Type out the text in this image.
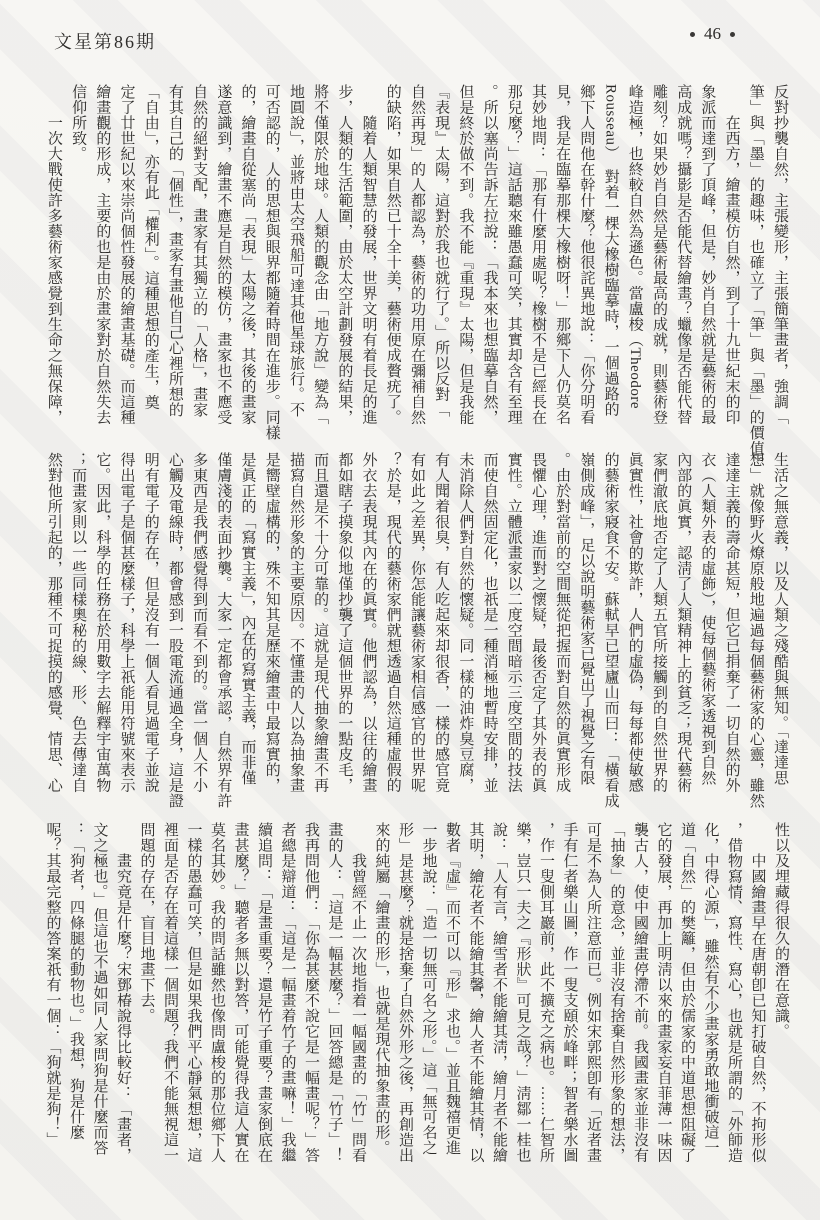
文星第86期	46
反對抄襲自然，主張變形，主張簡筆畫者，強調「
筆」與「墨」的趣味，也確立了「筆」與「墨」的價值。
　　在西方，繪畫模仿自然，到了十九世紀末的印
象派而達到了頂峰，但是，妙肖自然就是藝術的最
高成就嗎？攝影是否能代替繪畫？蠟像是否能代替
雕刻？如果妙肖自然是藝術最高的成就，則藝術登
峰造極，也終較自然為遜色。當盧梭（Theodore
Rousseau）　對着一棵大橡樹臨摹時，一個過路的
鄉下人問他在幹什麼？他很詫異地說：「你分明看
見，我是在臨摹那棵大橡樹呀！」那鄉下人仍莫名
其妙地問：「那有什麼用處呢？橡樹不是已經長在
那兒麼？」這話聽來雖愚蠢可笑，其實却含有至理
。所以塞尚告訴左拉說：「我本來也想臨摹自然，
但是終於做不到。我不能『重現』太陽，但是我能
『表現』太陽，這對於我也就行了。」所以反對「
自然再現」的人都認為，藝術的功用原在彌補自然
的缺陷，如果自然已十全十美，藝術便成贅疣了。
　　隨着人類智慧的發展，世界文明有着長足的進
步，人類的生活範圍，由於太空計劃發展的結果，
將不僅限於地球。人類的觀念由「地方說」變為「
地圓說」，並將由太空飛船可達其他星球旅行。不
可否認的，人的思想與眼界都隨着時間在進步。同樣
的，繪畫自從塞尚「表現」太陽之後，其後的畫家
遂意識到，繪畫不應是自然的模仿，畫家也不應受
自然的絕對支配，畫家有其獨立的「人格」，畫家
有其自己的「個性」，畫家有畫他自己心裡所想的
「自由」，亦有此「權利」。這種思想的產生，奠
定了廿世紀以來崇尚個性發展的繪畫基礎。而這種
繪畫觀的形成，主要的也是由於畫家對於自然失去
信仰所致。
　　一次大戰使許多藝術家感覺到生命之無保障，
生活之無意義，以及人類之殘酷與無知。「達達思
想」就像野火燎原般地遍過每個藝術家的心靈，雖然
達達主義的壽命甚短，但它已捐棄了一切自然的外
衣（人類外表的虛飾），使每個藝術家透視到自然
內部的眞實，認淸了人類精神上的貧乏；現代藝術
家們澈底地否定了人類五官所接觸到的自然世界的
眞實性，社會的欺詐，人們的虛偽，每每都使敏感
的藝術家寢食不安。蘇軾早已望廬山而曰：「橫看成
嶺側成峰」，足以說明藝術家已覺出了視覺之有限
。由於對當前的空間無從把握而對自然的眞實形成
畏懼心理，進而對之懷疑，最後否定了其外表的眞
實性。立體派畫家以二度空間暗示三度空間的技法
而使自然固定化，也祇是一種消極地暫時安排，並
未消除人們對自然的懷疑。同一樣的油炸臭豆腐，
有人聞着很臭，有人吃起來却很香，一樣的感官竟
有如此之差異，你怎能讓藝術家相信感官的世界呢
？於是，現代的藝術家們就想透過自然這種虛假的
外衣去表現其內在的眞實。他們認為，以往的繪畫
都如瞎子摸象似地僅抄襲了這個世界的一點皮毛，
而且還是不十分可靠的。這就是現代抽象繪畫不再
描寫自然形象的主要原因。不懂畫的人以為抽象畫
是嚮壁虛構的，殊不知其是歷來繪畫中最寫實的，
是眞正的「寫實主義」，內在的寫實主義，而非僅
僅膚淺的表面抄襲。大家一定都會承認，自然界有許
多東西是我們感覺得到而看不到的。當一個人不小
心觸及電線時，都會感到一股電流通過全身，這是證
明有電子的存在，但是沒有一個人看見過電子並說
得出電子是個甚麼樣子，科學上祇能用符號來表示
它。因此，科學的任務在於用數字去解釋宇宙萬物
；而畫家則以一些同樣奧秘的線、形、色去傳達自
然對他所引起的，那種不可捉摸的感覺、情思、心
性以及埋藏得很久的潛在意識。
　　中國繪畫早在唐朝卽已知打破自然，不拘形似
，借物寫情、寫性、寫心，也就是所謂的「外師造
化，中得心源」，雖然有不少畫家勇敢地衝破這一
道「自然」的樊籬，但由於儒家的中道思想阻礙了
它的發展，再加上明淸以來的畫家妄自菲薄一味因
襲古人，使中國繪畫停滯不前。我國畫家並非沒有
「抽象」的意念，並非沒有捨棄自然形象的想法，
可是不為人所注意而已。例如宋郭熙卽有「近者畫
手有仁者樂山圖，作一叟支頤於峰畔；智者樂水圖
，作一叟側耳巖前，此不擴充之病也。……仁智所
樂，豈只一夫之『形狀』可見之哉？」淸鄒一桂也
說：「人有言，繪雪者不能繪其淸，繪月者不能繪
其明，繪花者不能繪其馨，繪人者不能繪其情，以
數者『虛』而不可以『形』求也。」並且魏禧更進
一步地說：「造一切無可名之形。」這「無可名之
形」是甚麼？就是捨棄了自然外形之後，再創造出
來的純屬「繪畫的形」，也就是現代抽象畫的形。
　　我曾經不止一次地指着一幅國畫的「竹」問看
畫的人：「這是一幅甚麼？」回答總是「竹子」！
我再問他們：「你為甚麼不說它是一幅畫呢？」答
者總是辯道：「這是一幅畫着竹子的畫嘛！」我繼
續追問：「是畫重要？還是竹子重要？畫家倒底在
畫甚麼？」聽者多無以對答，可能覺得我這人實在
莫名其妙。我的問話雖然也像問盧梭的那位鄉下人
一樣的愚蠢可笑，但是如果我們平心靜氣想想，這
裡面是否存在着這樣一個問題？我們不能無視這一
問題的存在，盲目地畫下去。
　　畫究竟是什麼？宋鄧椿說得比較好：「畫者，
文之極也。」但這也不過如同人家問狗是什麼而答
：「狗者，四條腿的動物也。」我想，狗是什麼
呢？其最完整的答案祇有一個：「狗就是狗！」
